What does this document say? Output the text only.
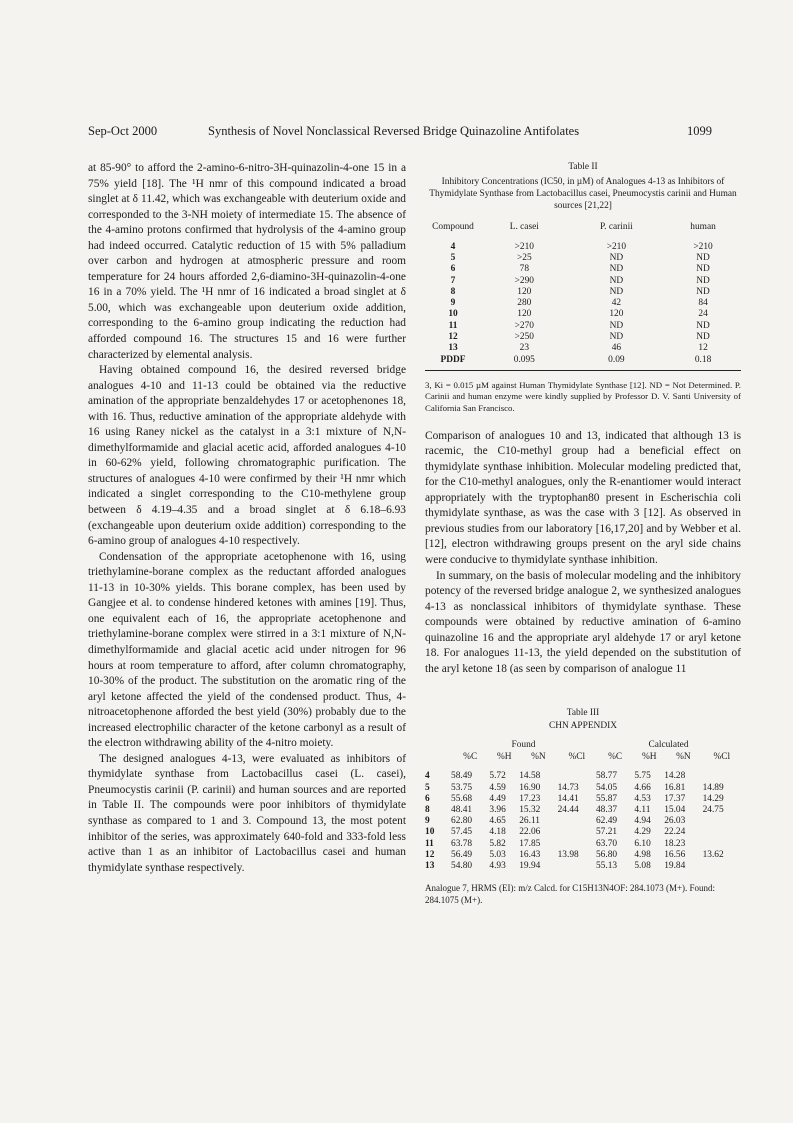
Sep-Oct 2000	Synthesis of Novel Nonclassical Reversed Bridge Quinazoline Antifolates	1099

at 85-90° to afford the 2-amino-6-nitro-3H-quinazolin-4-one 15 in a 75% yield [18]. The ¹H nmr of this compound indicated a broad singlet at δ 11.42, which was exchangeable with deuterium oxide and corresponded to the 3-NH moiety of intermediate 15. The absence of the 4-amino protons confirmed that hydrolysis of the 4-amino group had indeed occurred. Catalytic reduction of 15 with 5% palladium over carbon and hydrogen at atmospheric pressure and room temperature for 24 hours afforded 2,6-diamino-3H-quinazolin-4-one 16 in a 70% yield. The ¹H nmr of 16 indicated a broad singlet at δ 5.00, which was exchangeable upon deuterium oxide addition, corresponding to the 6-amino group indicating the reduction had afforded compound 16. The structures 15 and 16 were further characterized by elemental analysis.

Having obtained compound 16, the desired reversed bridge analogues 4-10 and 11-13 could be obtained via the reductive amination of the appropriate benzaldehydes 17 or acetophenones 18, with 16. Thus, reductive amination of the appropriate aldehyde with 16 using Raney nickel as the catalyst in a 3:1 mixture of N,N-dimethylformamide and glacial acetic acid, afforded analogues 4-10 in 60-62% yield, following chromatographic purification. The structures of analogues 4-10 were confirmed by their ¹H nmr which indicated a singlet corresponding to the C10-methylene group between δ 4.19–4.35 and a broad singlet at δ 6.18–6.93 (exchangeable upon deuterium oxide addition) corresponding to the 6-amino group of analogues 4-10 respectively.

Condensation of the appropriate acetophenone with 16, using triethylamine-borane complex as the reductant afforded analogues 11-13 in 10-30% yields. This borane complex, has been used by Gangjee et al. to condense hindered ketones with amines [19]. Thus, one equivalent each of 16, the appropriate acetophenone and triethylamine-borane complex were stirred in a 3:1 mixture of N,N-dimethylformamide and glacial acetic acid under nitrogen for 96 hours at room temperature to afford, after column chromatography, 10-30% of the product. The substitution on the aromatic ring of the aryl ketone affected the yield of the condensed product. Thus, 4-nitroacetophenone afforded the best yield (30%) probably due to the increased electrophilic character of the ketone carbonyl as a result of the electron withdrawing ability of the 4-nitro moiety.

The designed analogues 4-13, were evaluated as inhibitors of thymidylate synthase from Lactobacillus casei (L. casei), Pneumocystis carinii (P. carinii) and human sources and are reported in Table II. The compounds were poor inhibitors of thymidylate synthase as compared to 1 and 3. Compound 13, the most potent inhibitor of the series, was approximately 640-fold and 333-fold less active than 1 as an inhibitor of Lactobacillus casei and human thymidylate synthase respectively.

Table II
Inhibitory Concentrations (IC50, in µM) of Analogues 4-13 as Inhibitors of Thymidylate Synthase from Lactobacillus casei, Pneumocystis carinii and Human sources [21,22]
Compound	L. casei	P. carinii	human
4	>210	>210	>210
5	>25	ND	ND
6	78	ND	ND
7	>290	ND	ND
8	120	ND	ND
9	280	42	84
10	120	120	24
11	>270	ND	ND
12	>250	ND	ND
13	23	46	12
PDDF	0.095	0.09	0.18
3, Ki = 0.015 µM against Human Thymidylate Synthase [12]. ND = Not Determined. P. Carinii and human enzyme were kindly supplied by Professor D. V. Santi University of California San Francisco.

Comparison of analogues 10 and 13, indicated that although 13 is racemic, the C10-methyl group had a beneficial effect on thymidylate synthase inhibition. Molecular modeling predicted that, for the C10-methyl analogues, only the R-enantiomer would interact appropriately with the tryptophan80 present in Escherischia coli thymidylate synthase, as was the case with 3 [12]. As observed in previous studies from our laboratory [16,17,20] and by Webber et al. [12], electron withdrawing groups present on the aryl side chains were conducive to thymidylate synthase inhibition.

In summary, on the basis of molecular modeling and the inhibitory potency of the reversed bridge analogue 2, we synthesized analogues 4-13 as nonclassical inhibitors of thymidylate synthase. These compounds were obtained by reductive amination of 6-amino quinazoline 16 and the appropriate aryl aldehyde 17 or aryl ketone 18. For analogues 11-13, the yield depended on the substitution of the aryl ketone 18 (as seen by comparison of analogue 11

Table III
CHN APPENDIX
	Found				Calculated			
	%C	%H	%N	%Cl	%C	%H	%N	%Cl
4	58.49	5.72	14.58		58.77	5.75	14.28	
5	53.75	4.59	16.90	14.73	54.05	4.66	16.81	14.89
6	55.68	4.49	17.23	14.41	55.87	4.53	17.37	14.29
8	48.41	3.96	15.32	24.44	48.37	4.11	15.04	24.75
9	62.80	4.65	26.11		62.49	4.94	26.03	
10	57.45	4.18	22.06		57.21	4.29	22.24	
11	63.78	5.82	17.85		63.70	6.10	18.23	
12	56.49	5.03	16.43	13.98	56.80	4.98	16.56	13.62
13	54.80	4.93	19.94		55.13	5.08	19.84	
Analogue 7, HRMS (EI): m/z Calcd. for C15H13N4OF: 284.1073 (M+). Found: 284.1075 (M+).
